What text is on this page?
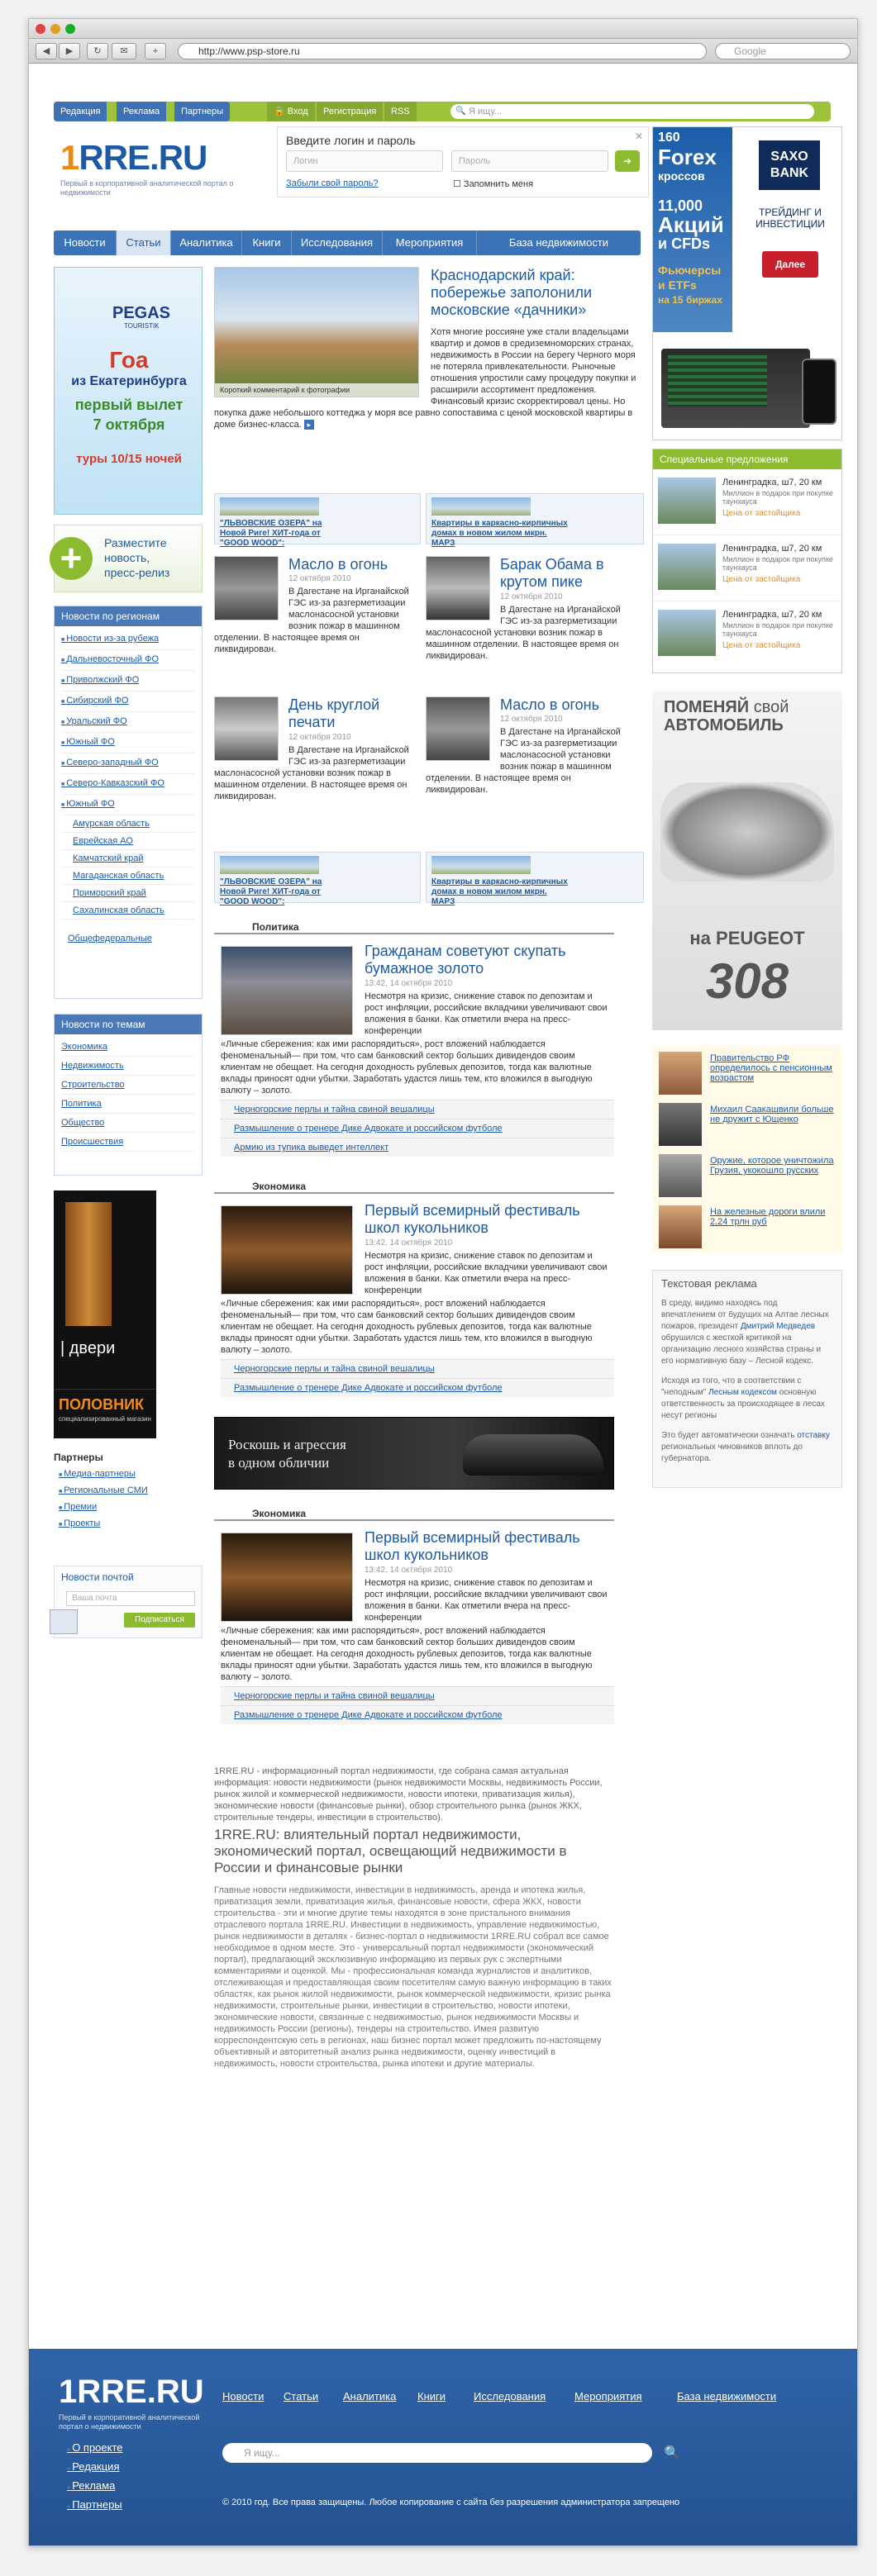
◀	▶	↻	✉	+	http://www.psp-store.ru	Google
Редакция	Реклама	Партнеры	🔒 Вход	Регистрация	RSS	Я ищу...
🔍
1RRE.RU
Первый в корпоративной аналитической портал о недвижимости
Введите логин и пароль	✕
Логин	Пароль	➜
Забыли свой пароль?	☐ Запомнить меня
160
Forex
кроссов
11,000
Акций
и CFDs
Фьючерсы и ETFs
на 15 биржах
SAXO BANK
ТРЕЙДИНГ И ИНВЕСТИЦИИ
Далее
Новости	Статьи	Аналитика	Книги	Исследования	Мероприятия	База недвижимости
PEGAS
TOURISTIK
Гоа
из Екатеринбурга
первый вылет
7 октября
туры 10/15 ночей
+	Разместите
новость,
пресс-релиз
Новости по регионам
■ Новости из-за рубежа
■ Дальневосточный ФО
■ Приволжский ФО
■ Сибирский ФО
■ Уральский ФО
■ Южный ФО
■ Северо-западный ФО
■ Северо-Кавказский ФО
■ Южный ФО
Амурская область
Еврейская АО
Камчатский край
Магаданская область
Приморский край
Сахалинская область
Общефедеральные
Новости по темам
Экономика
Недвижимость
Строительство
Политика
Общество
Происшествия
| двери
ПОЛОВНИК
специализированный магазин
Партнеры
■ Медиа-партнеры
■ Региональные СМИ
■ Премии
■ Проекты
Новости почтой
Ваша почта
Подписаться
Короткий комментарий к фотографии
Краснодарский край: побережье заполонили московские «дачники»
Хотя многие россияне уже стали владельцами квартир и домов в средиземноморских странах, недвижимость в России на берегу Черного моря не потеряла привлекательности. Рыночные отношения упростили саму процедуру покупки и расширили ассортимент предложения. Финансовый кризис скорректировал цены. Но покупка даже небольшого коттеджа у моря все равно сопоставима с ценой московской квартиры в доме бизнес-класса. ▸
"ЛЬВОВСКИЕ ОЗЕРА" на Новой Риге! ХИТ-года от "GOOD WOOD":
Квартиры в каркасно-кирпичных домах в новом жилом мкрн. МАРЗ
Масло в огонь
12 октября 2010
В Дагестане на Ирганайской ГЭС из-за разгерметизации маслонасосной установки возник пожар в машинном отделении. В настоящее время он ликвидирован.
Барак Обама в крутом пике
12 октября 2010
В Дагестане на Ирганайской ГЭС из-за разгерметизации маслонасосной установки возник пожар в машинном отделении. В настоящее время он ликвидирован.
День круглой печати
12 октября 2010
В Дагестане на Ирганайской ГЭС из-за разгерметизации маслонасосной установки возник пожар в машинном отделении. В настоящее время он ликвидирован.
Масло в огонь
12 октября 2010
В Дагестане на Ирганайской ГЭС из-за разгерметизации маслонасосной установки возник пожар в машинном отделении. В настоящее время он ликвидирован.
"ЛЬВОВСКИЕ ОЗЕРА" на Новой Риге! ХИТ-года от "GOOD WOOD":
Квартиры в каркасно-кирпичных домах в новом жилом мкрн. МАРЗ
Политика
Гражданам советуют скупать бумажное золото
13:42, 14 октября 2010
Несмотря на кризис, снижение ставок по депозитам и рост инфляции, российские вкладчики увеличивают свои вложения в банки. Как отметили вчера на пресс-конференции
«Личные сбережения: как ими распорядиться», рост вложений наблюдается феноменальный— при том, что сам банковский сектор больших дивидендов своим клиентам не обещает. На сегодня доходность рублевых депозитов, тогда как валютные вклады приносят одни убытки. Заработать удастся лишь тем, кто вложился в выгодную валюту – золото.
Черногорские перлы и тайна свиной вешалицы
Размышление о тренере Дике Адвокате и российском футболе
Армию из тупика выведет интеллект
Экономика
Первый всемирный фестиваль школ кукольников
13:42, 14 октября 2010
Несмотря на кризис, снижение ставок по депозитам и рост инфляции, российские вкладчики увеличивают свои вложения в банки. Как отметили вчера на пресс-конференции
«Личные сбережения: как ими распорядиться», рост вложений наблюдается феноменальный— при том, что сам банковский сектор больших дивидендов своим клиентам не обещает. На сегодня доходность рублевых депозитов, тогда как валютные вклады приносят одни убытки. Заработать удастся лишь тем, кто вложился в выгодную валюту – золото.
Черногорские перлы и тайна свиной вешалицы
Размышление о тренере Дике Адвокате и российском футболе
Роскошь и агрессия
в одном обличии
Экономика
Первый всемирный фестиваль школ кукольников
13:42, 14 октября 2010
Несмотря на кризис, снижение ставок по депозитам и рост инфляции, российские вкладчики увеличивают свои вложения в банки. Как отметили вчера на пресс-конференции
«Личные сбережения: как ими распорядиться», рост вложений наблюдается феноменальный— при том, что сам банковский сектор больших дивидендов своим клиентам не обещает. На сегодня доходность рублевых депозитов, тогда как валютные вклады приносят одни убытки. Заработать удастся лишь тем, кто вложился в выгодную валюту – золото.
Черногорские перлы и тайна свиной вешалицы
Размышление о тренере Дике Адвокате и российском футболе
1RRE.RU - информационный портал недвижимости, где собрана самая актуальная информация: новости недвижимости (рынок недвижимости Москвы, недвижимость России, рынок жилой и коммерческой недвижимости, новости ипотеки, приватизация жилья), экономические новости (финансовые рынки), обзор строительного рынка (рынок ЖКХ, строительные тендеры, инвестиции в строительство).
1RRE.RU: влиятельный портал недвижимости, экономический портал, освещающий недвижимости в России и финансовые рынки
Главные новости недвижимости, инвестиции в недвижимость, аренда и ипотека жилья, приватизация земли, приватизация жилья, финансовые новости, сфера ЖКХ, новости строительства - эти и многие другие темы находятся в зоне пристального внимания отраслевого портала 1RRE.RU. Инвестиции в недвижимость, управление недвижимостью, рынок недвижимости в деталях - бизнес-портал о недвижимости 1RRE.RU собрал все самое необходимое в одном месте. Это - универсальный портал недвижимости (экономический портал), предлагающий эксклюзивную информацию из первых рук с экспертными комментариями и оценкой. Мы - профессиональная команда журналистов и аналитиков, отслеживающая и предоставляющая своим посетителям самую важную информацию в таких областях, как рынок жилой недвижимости, рынок коммерческой недвижимости, кризис рынка недвижимости, строительные рынки, инвестиции в строительство, новости ипотеки, экономические новости, связанные с недвижимостью, рынок недвижимости Москвы и недвижимость России (регионы), тендеры на строительство. Имея развитую корреспондентскую сеть в регионах, наш бизнес портал может предложить по-настоящему объективный и авторитетный анализ рынка недвижимости, оценку инвестиций в недвижимость, новости строительства, рынка ипотеки и другие материалы.
Специальные предложения
Ленинградка, ш7, 20 км
Миллион в подарок при покупке таунхауса
Цена от застойщика
Ленинградка, ш7, 20 км
Миллион в подарок при покупке таунхауса
Цена от застойщика
Ленинградка, ш7, 20 км
Миллион в подарок при покупке таунхауса
Цена от застойщика
ПОМЕНЯЙ свой
АВТОМОБИЛЬ
на PEUGEOT
308
Правительство РФ определилось с пенсионным возрастом
Михаил Саакашвили больше не дружит с Ющенко
Оружие, которое уничтожила Грузия, укокошло русских
На железные дороги влили 2,24 трлн руб
Текстовая реклама
В среду, видимо находясь под впечатлением от будущих на Алтае лесных пожаров, президент Дмитрий Медведев обрушился с жесткой критикой на организацию лесного хозяйства страны и его нормативную базу – Лесной кодекс.
Исходя из того, что в соответствии с "неподным" Лесным кодексом основную ответственность за происходящее в лесах несут регионы
Это будет автоматически означать отставку региональных чиновников вплоть до губернатора.
1RRE.RU
Первый в корпоративной аналитической портал о недвижимости
Новости Статьи Аналитика Книги	Исследования	Мероприятия	База недвижимости
■ О проекте
■ Редакция
■ Реклама
■ Партнеры
Я ищу...	🔍
© 2010 год. Все права защищены. Любое копирование с сайта без разрешения администратора запрещено
